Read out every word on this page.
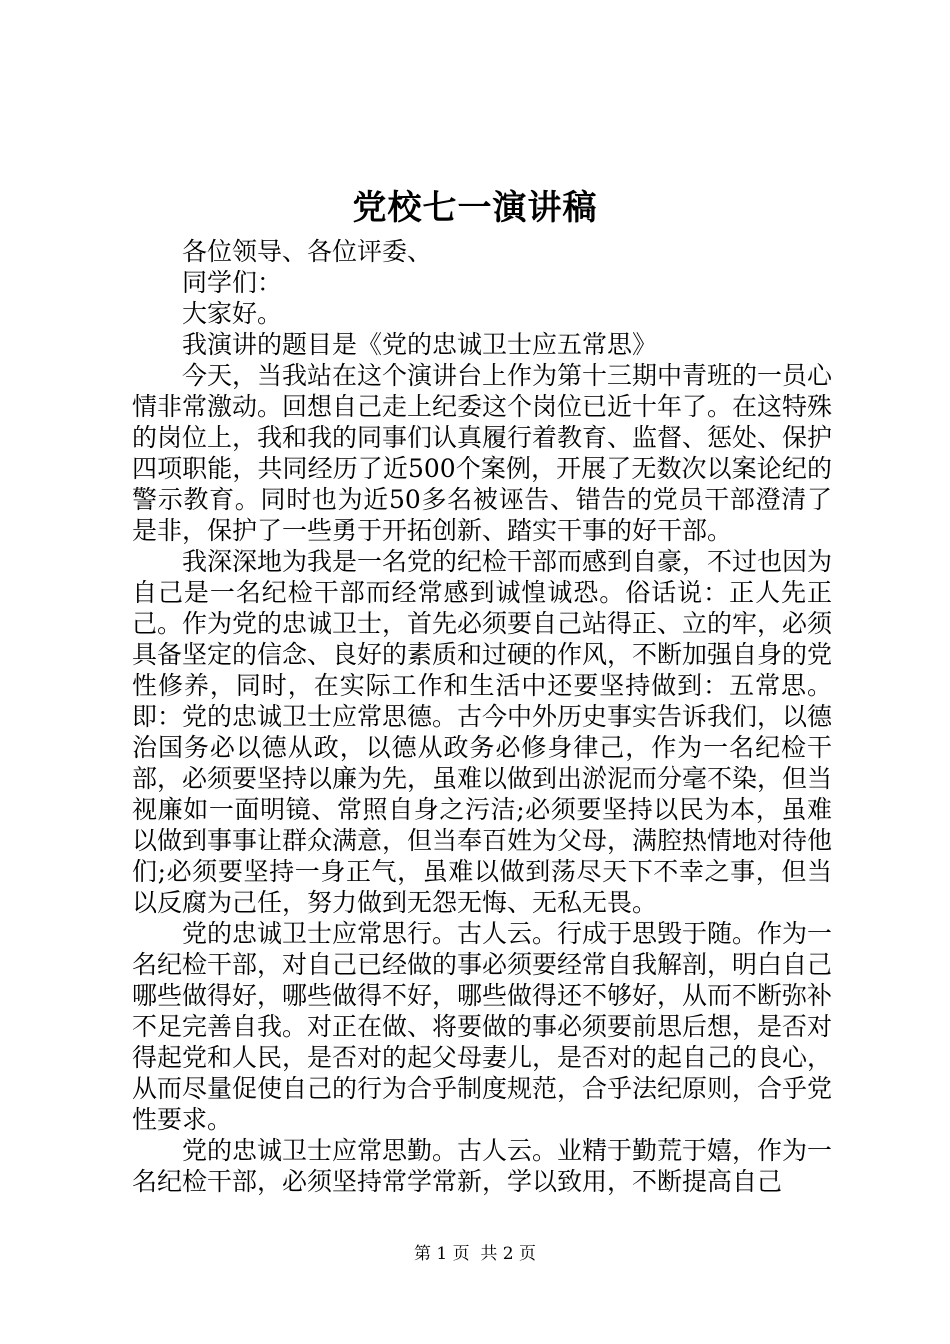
党校七一演讲稿

各位领导、各位评委、

同学们：

大家好。

我演讲的题目是《党的忠诚卫士应五常思》

今天，当我站在这个演讲台上作为第十三期中青班的一员心情非常激动。回想自己走上纪委这个岗位已近十年了。在这特殊的岗位上，我和我的同事们认真履行着教育、监督、惩处、保护四项职能，共同经历了近500个案例，开展了无数次以案论纪的警示教育。同时也为近50多名被诬告、错告的党员干部澄清了是非，保护了一些勇于开拓创新、踏实干事的好干部。

我深深地为我是一名党的纪检干部而感到自豪，不过也因为自己是一名纪检干部而经常感到诚惶诚恐。俗话说：正人先正己。作为党的忠诚卫士，首先必须要自己站得正、立的牢，必须具备坚定的信念、良好的素质和过硬的作风，不断加强自身的党性修养，同时，在实际工作和生活中还要坚持做到：五常思。即：党的忠诚卫士应常思德。古今中外历史事实告诉我们，以德治国务必以德从政，以德从政务必修身律己，作为一名纪检干部，必须要坚持以廉为先，虽难以做到出淤泥而分毫不染，但当视廉如一面明镜、常照自身之污洁;必须要坚持以民为本，虽难以做到事事让群众满意，但当奉百姓为父母，满腔热情地对待他们;必须要坚持一身正气，虽难以做到荡尽天下不幸之事，但当以反腐为己任，努力做到无怨无悔、无私无畏。

党的忠诚卫士应常思行。古人云。行成于思毁于随。作为一名纪检干部，对自己已经做的事必须要经常自我解剖，明白自己哪些做得好，哪些做得不好，哪些做得还不够好，从而不断弥补不足完善自我。对正在做、将要做的事必须要前思后想，是否对得起党和人民，是否对的起父母妻儿，是否对的起自己的良心，从而尽量促使自己的行为合乎制度规范，合乎法纪原则，合乎党性要求。

党的忠诚卫士应常思勤。古人云。业精于勤荒于嬉，作为一名纪检干部，必须坚持常学常新，学以致用，不断提高自己

第 1 页 共 2 页
